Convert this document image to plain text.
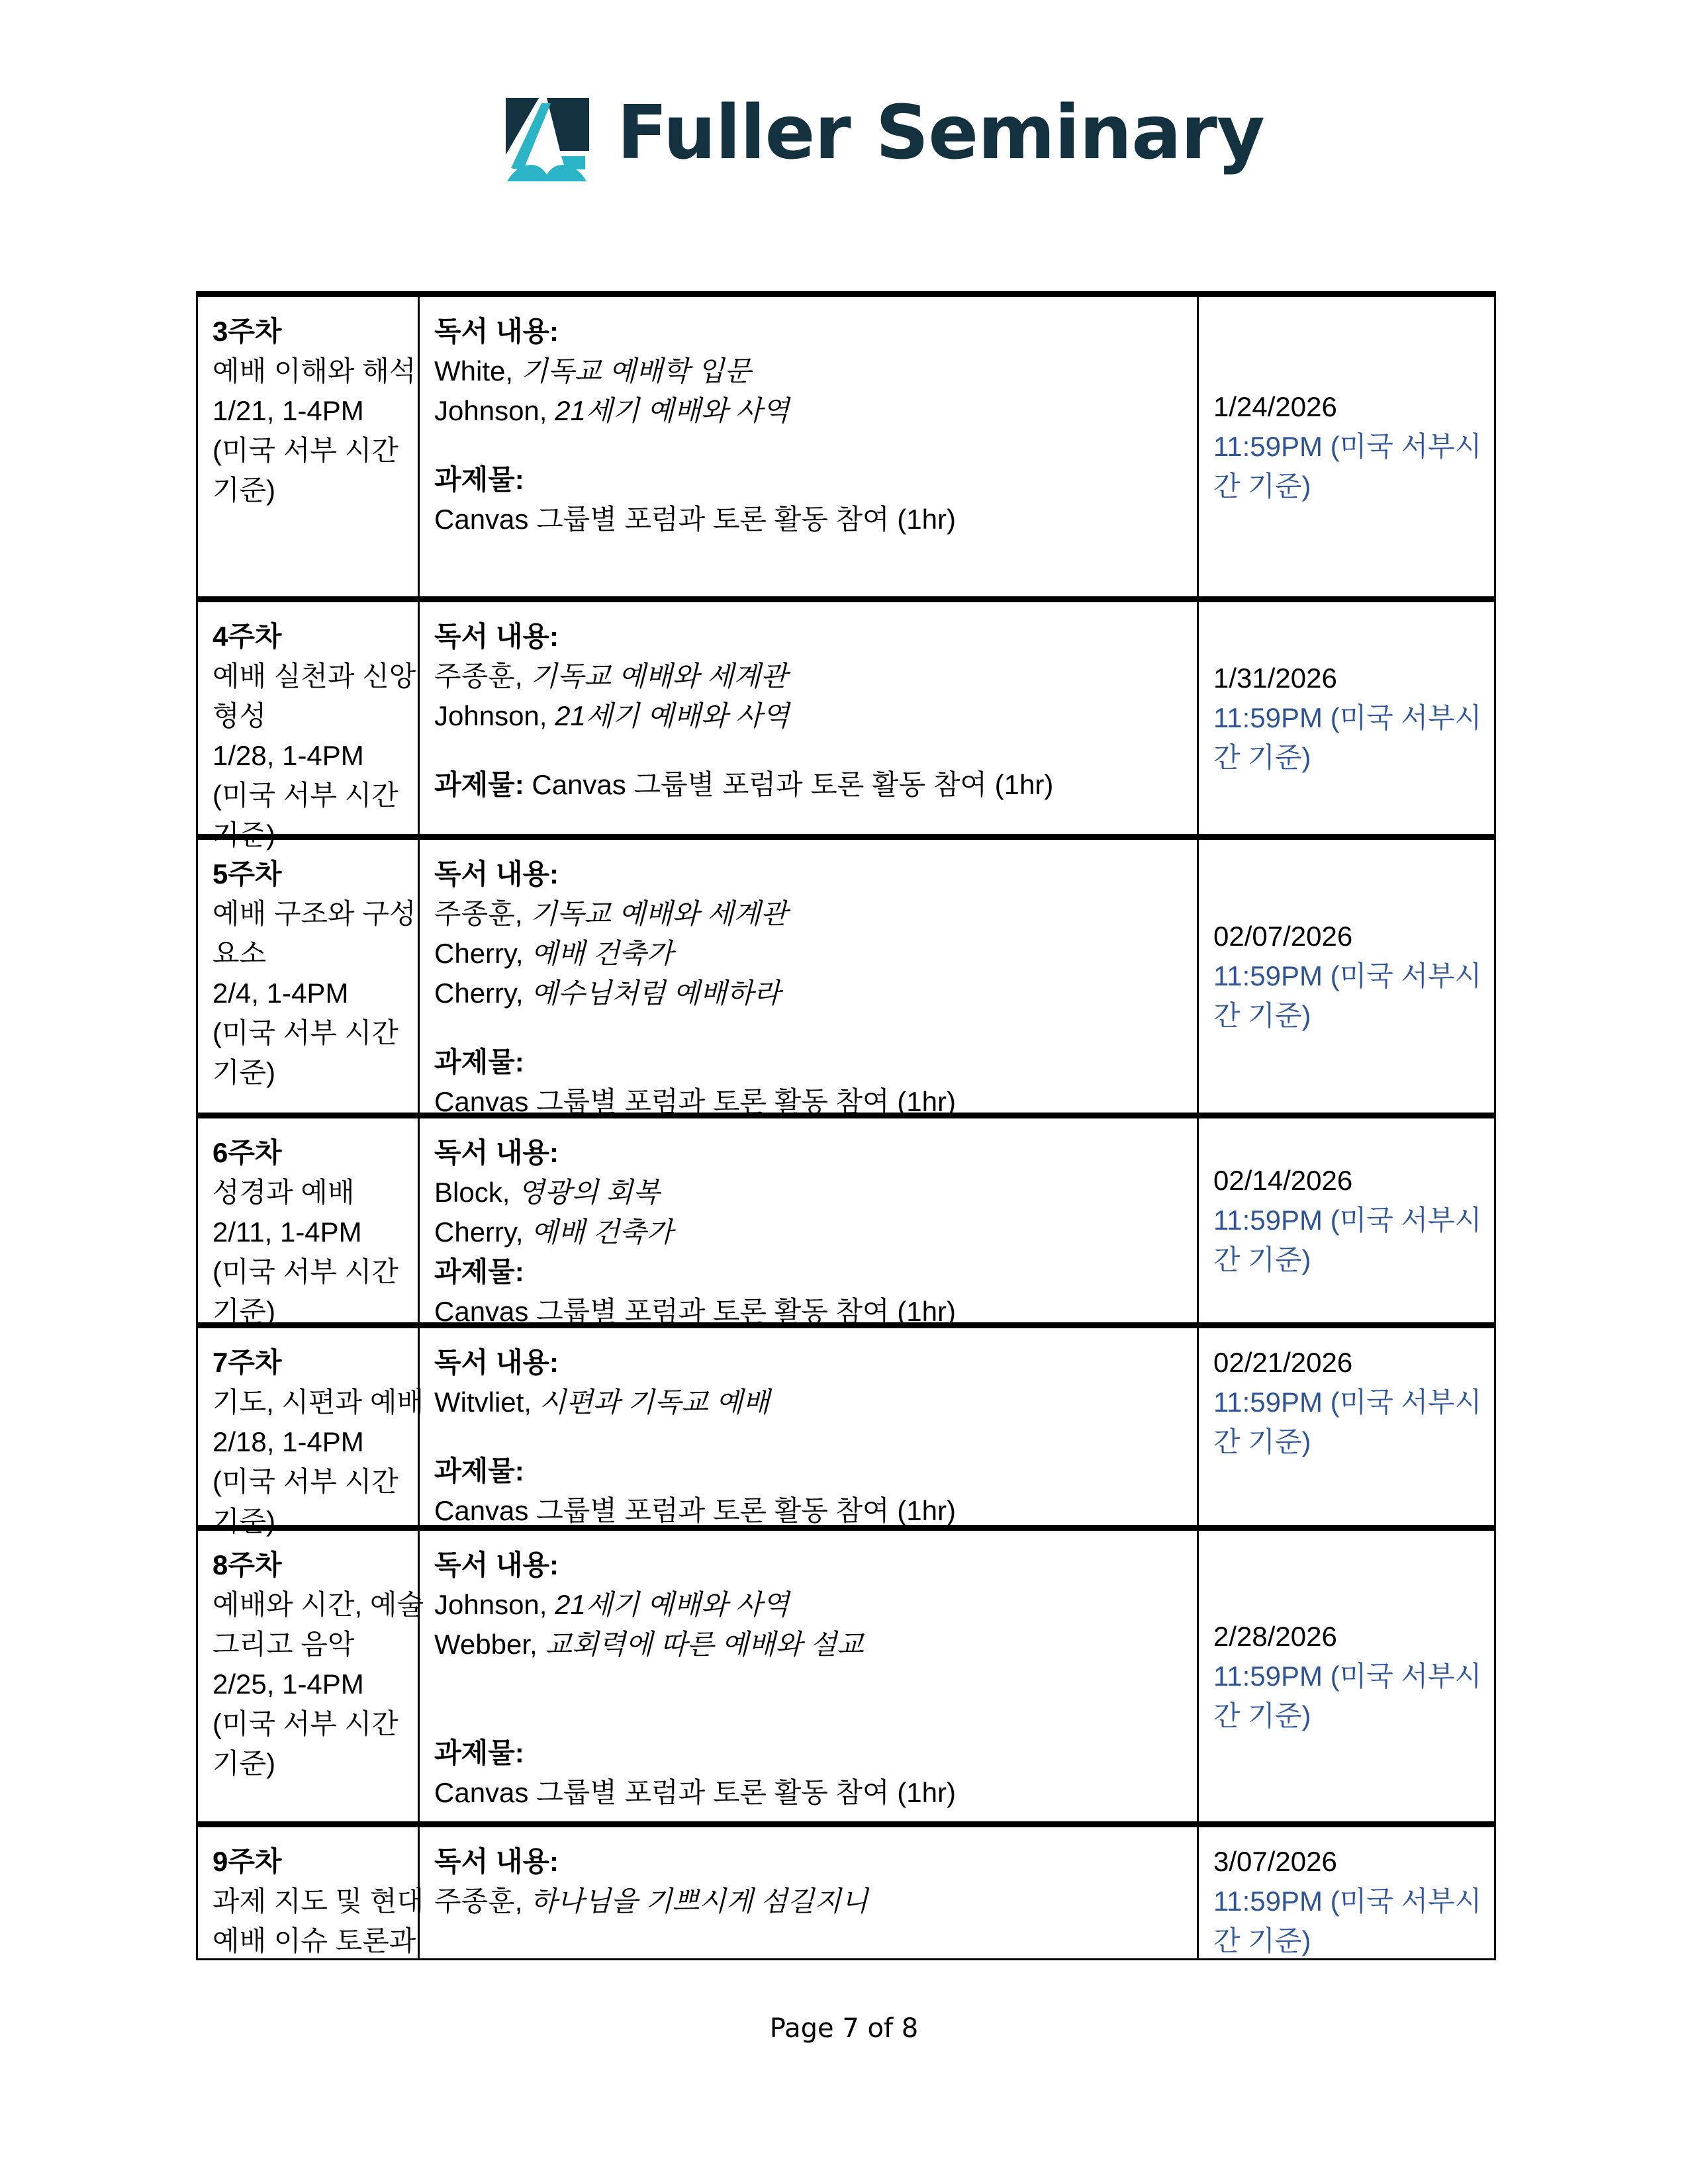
Fuller Seminary
3주차
예배 이해와 해석
1/21, 1-4PM
(미국 서부 시간
기준)
독서 내용:
White, 기독교 예배학 입문
Johnson, 21세기 예배와 사역
과제물:
Canvas 그룹별 포럼과 토론 활동 참여 (1hr)
1/24/2026
11:59PM (미국 서부시
간 기준)
4주차
예배 실천과 신앙
형성
1/28, 1-4PM
(미국 서부 시간
기준)
독서 내용:
주종훈, 기독교 예배와 세계관
Johnson, 21세기 예배와 사역
과제물: Canvas 그룹별 포럼과 토론 활동 참여 (1hr)
1/31/2026
11:59PM (미국 서부시
간 기준)
5주차
예배 구조와 구성
요소
2/4, 1-4PM
(미국 서부 시간
기준)
독서 내용:
주종훈, 기독교 예배와 세계관
Cherry, 예배 건축가
Cherry, 예수님처럼 예배하라
과제물:
Canvas 그룹별 포럼과 토론 활동 참여 (1hr)
02/07/2026
11:59PM (미국 서부시
간 기준)
6주차
성경과 예배
2/11, 1-4PM
(미국 서부 시간
기준)
독서 내용:
Block, 영광의 회복
Cherry, 예배 건축가
과제물:
Canvas 그룹별 포럼과 토론 활동 참여 (1hr)
02/14/2026
11:59PM (미국 서부시
간 기준)
7주차
기도, 시편과 예배
2/18, 1-4PM
(미국 서부 시간
기준)
독서 내용:
Witvliet, 시편과 기독교 예배
과제물:
Canvas 그룹별 포럼과 토론 활동 참여 (1hr)
02/21/2026
11:59PM (미국 서부시
간 기준)
8주차
예배와 시간, 예술
그리고 음악
2/25, 1-4PM
(미국 서부 시간
기준)
독서 내용:
Johnson, 21세기 예배와 사역
Webber, 교회력에 따른 예배와 설교
과제물:
Canvas 그룹별 포럼과 토론 활동 참여 (1hr)
2/28/2026
11:59PM (미국 서부시
간 기준)
9주차
과제 지도 및 현대
예배 이슈 토론과
독서 내용:
주종훈, 하나님을 기쁘시게 섬길지니
3/07/2026
11:59PM (미국 서부시
간 기준)
Page 7 of 8
